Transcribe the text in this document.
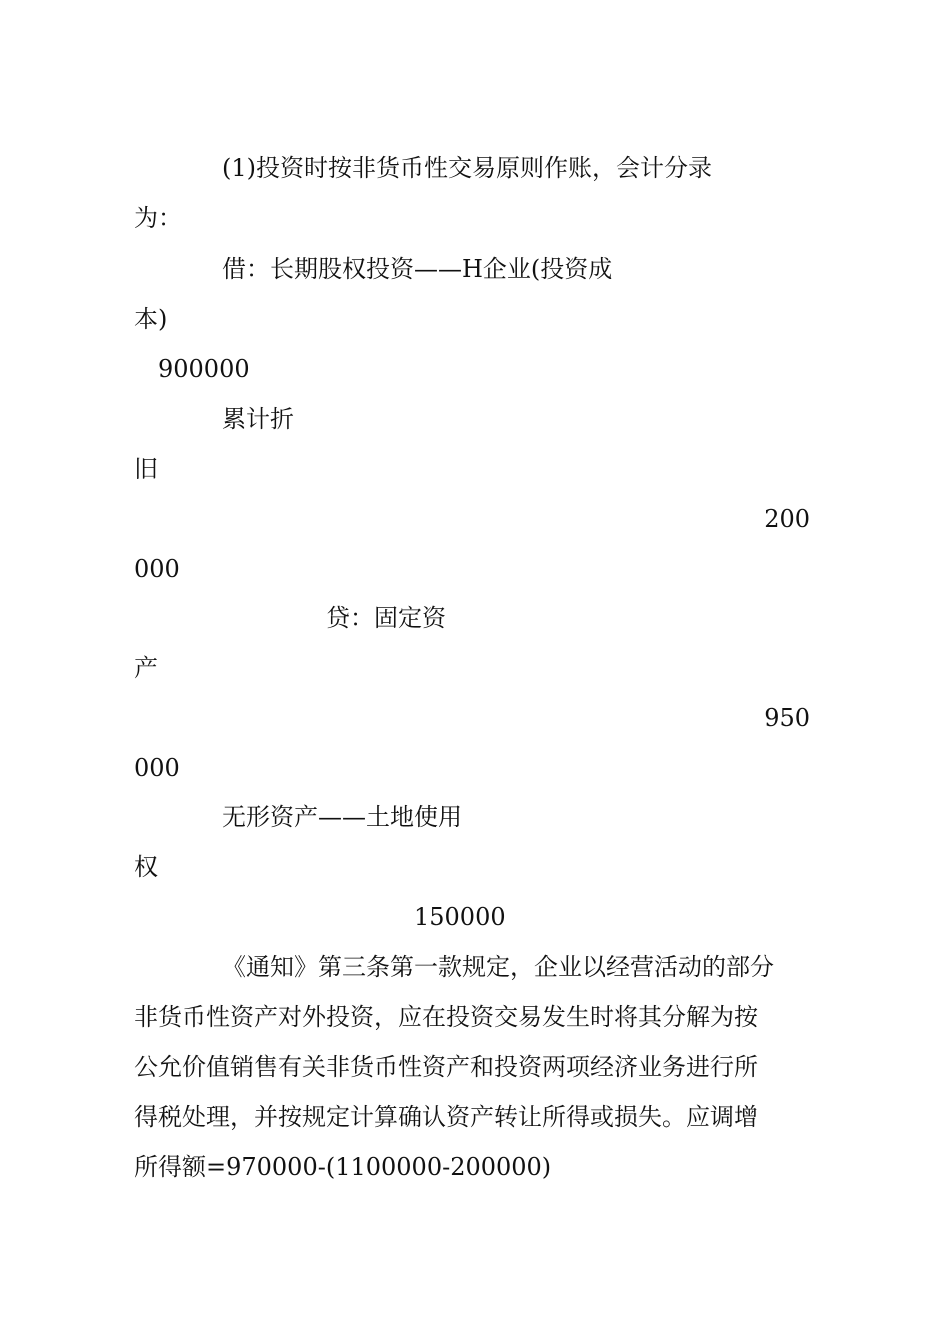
(1)投资时按非货币性交易原则作账，会计分录
为：
借：长期股权投资——H企业(投资成
本)
900000
累计折
旧
200
000
贷：固定资
产
950
000
无形资产——土地使用
权
150000
《通知》第三条第一款规定，企业以经营活动的部分
非货币性资产对外投资，应在投资交易发生时将其分解为按
公允价值销售有关非货币性资产和投资两项经济业务进行所
得税处理，并按规定计算确认资产转让所得或损失。应调增
所得额=970000-(1100000-200000)
